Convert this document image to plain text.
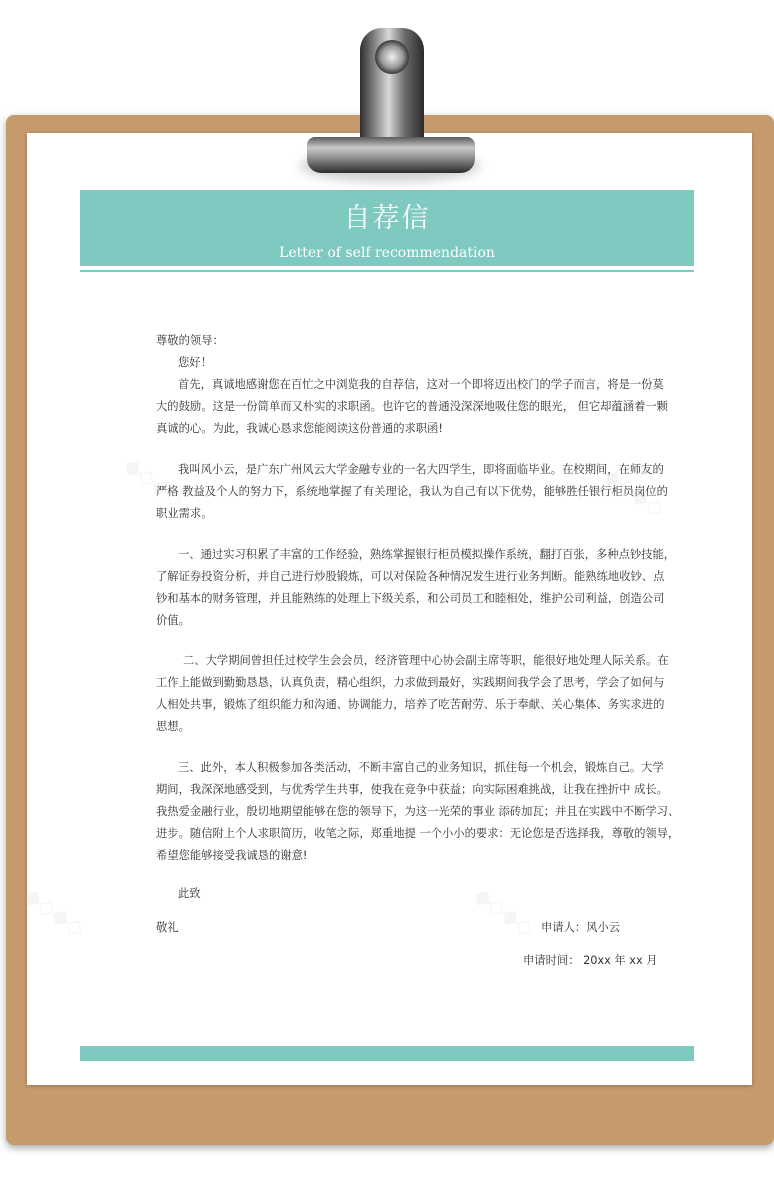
◆◇◆◇	◆◇◆◇
◆◇◆◇	◆◇◆◇
自荐信
Letter of self recommendation

尊敬的领导：

您好！

首先，真诚地感谢您在百忙之中浏览我的自荐信，这对一个即将迈出校门的学子而言，将是一份莫

大的鼓励。这是一份简单而又朴实的求职函。也许它的普通没深深地吸住您的眼光， 但它却蕴涵着一颗

真诚的心。为此，我诚心恳求您能阅读这份普通的求职函!

我叫风小云，是广东广州风云大学金融专业的一名大四学生，即将面临毕业。在校期间，在师友的

严格 教益及个人的努力下，系统地掌握了有关理论，我认为自己有以下优势，能够胜任银行柜员岗位的

职业需求。

一、通过实习积累了丰富的工作经验，熟练掌握银行柜员模拟操作系统，翻打百张，多种点钞技能，

了解证券投资分析，并自己进行炒股锻炼，可以对保险各种情况发生进行业务判断。能熟练地收钞、点

钞和基本的财务管理，并且能熟练的处理上下级关系，和公司员工和睦相处，维护公司利益，创造公司

价值。

二、大学期间曾担任过校学生会会员，经济管理中心协会副主席等职，能很好地处理人际关系。在

工作上能做到勤勤恳恳，认真负责，精心组织，力求做到最好，实践期间我学会了思考，学会了如何与

人相处共事，锻炼了组织能力和沟通、协调能力，培养了吃苦耐劳、乐于奉献、关心集体、务实求进的

思想。

三、此外，本人积极参加各类活动，不断丰富自己的业务知识，抓住每一个机会，锻炼自己。大学

期间，我深深地感受到，与优秀学生共事，使我在竞争中获益；向实际困难挑战，让我在挫折中 成长。

我热爱金融行业，殷切地期望能够在您的领导下，为这一光荣的事业 添砖加瓦；并且在实践中不断学习、

进步。随信附上个人求职简历，收笔之际，郑重地提 一个小小的要求：无论您是否选择我，尊敬的领导，

希望您能够接受我诚恳的谢意!

此致

敬礼	申请人：风小云

申请时间： 20xx 年 xx 月
